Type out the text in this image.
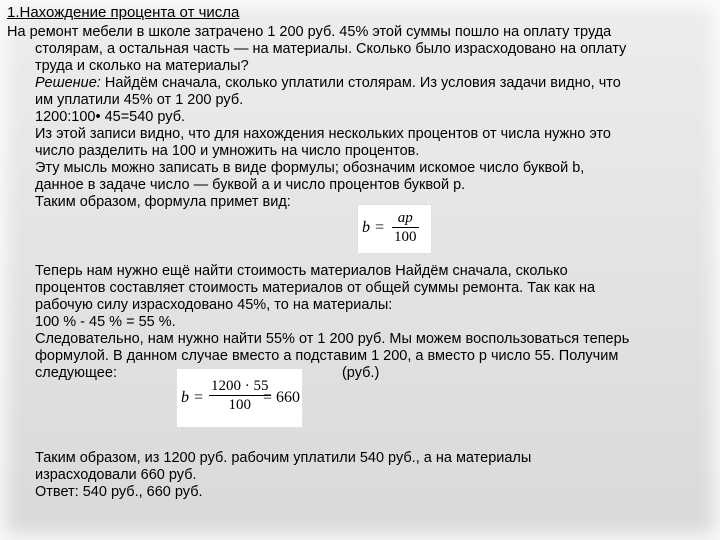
1.Нахождение процента от числа
На ремонт мебели в школе затрачено 1 200 руб. 45% этой суммы пошло на оплату труда
столярам, а остальная часть — на материалы. Сколько было израсходовано на оплату
труда и сколько на материалы?
Решение: Найдём сначала, сколько уплатили столярам. Из условия задачи видно, что
им уплатили 45% от 1 200 руб.
1200:100• 45=540 руб.
Из этой записи видно, что для нахождения нескольких процентов от числа нужно это
число разделить на 100 и умножить на число процентов.
Эту мысль можно записать в виде формулы; обозначим искомое число буквой b,
данное в задаче число — буквой а и число процентов буквой р.
Таким образом, формула примет вид:
Теперь нам нужно ещё найти стоимость материалов Найдём сначала, сколько
процентов составляет стоимость материалов от общей суммы ремонта. Так как на
рабочую силу израсходовано 45%, то на материалы:
100 % - 45 % = 55 %.
Следовательно, нам нужно найти 55% от 1 200 руб. Мы можем воспользоваться теперь
формулой. В данном случае вместо а подставим 1 200, а вместо р число 55. Получим
следующее:	(руб.)
Таким образом, из 1200 руб. рабочим уплатили 540 руб., а на материалы
израсходовали 660 руб.
Ответ: 540 руб., 660 руб.
b =
ap
100
b =
1200 · 55
100 = 660
